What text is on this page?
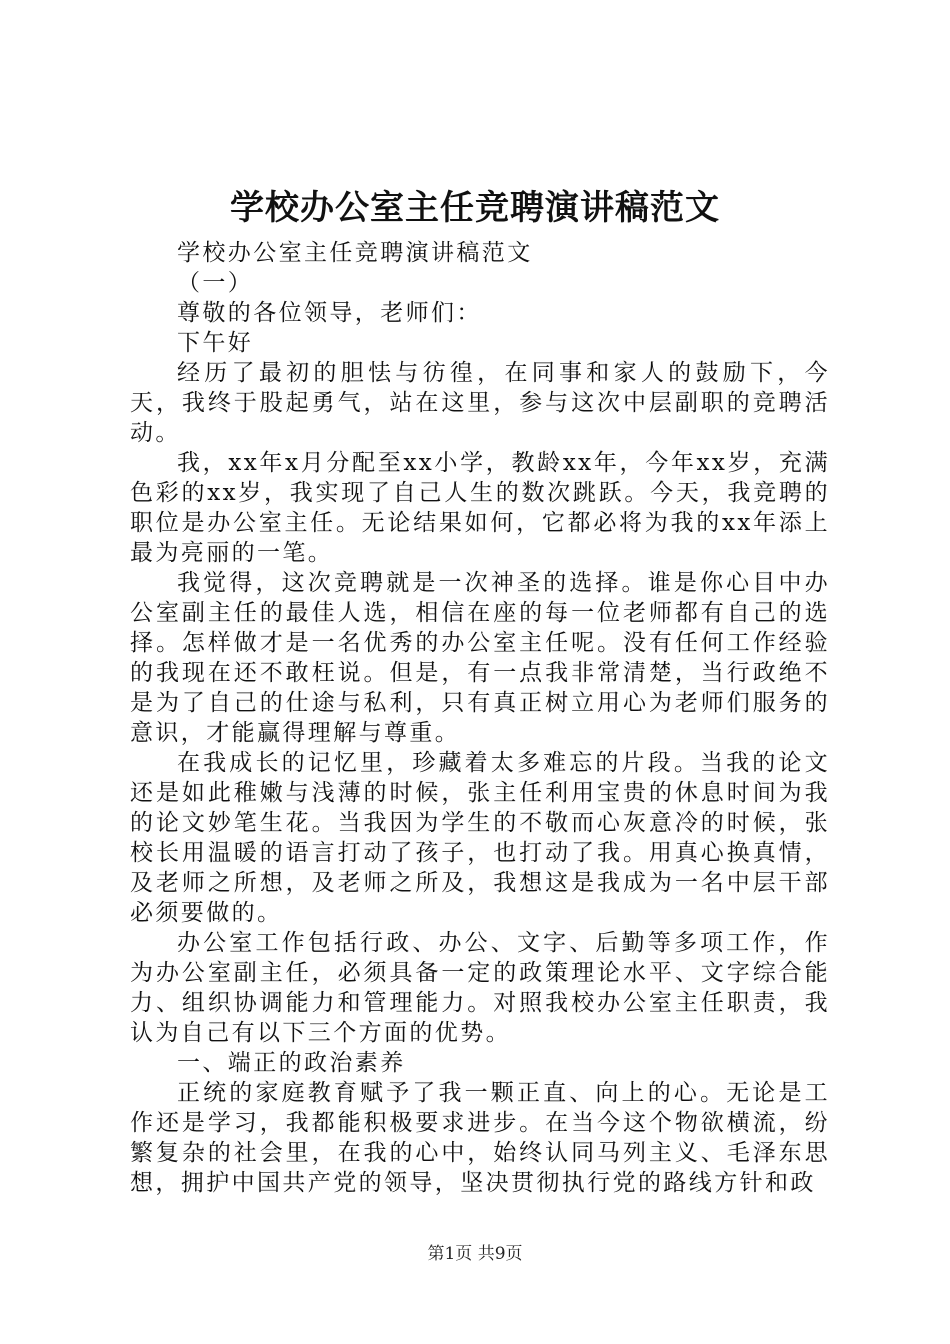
学校办公室主任竞聘演讲稿范文

学校办公室主任竞聘演讲稿范文

（一）

尊敬的各位领导，老师们：

下午好

经历了最初的胆怯与彷徨，在同事和家人的鼓励下，今天，我终于股起勇气，站在这里，参与这次中层副职的竞聘活动。

我，xx年x月分配至xx小学，教龄xx年，今年xx岁，充满色彩的xx岁，我实现了自己人生的数次跳跃。今天，我竞聘的职位是办公室主任。无论结果如何，它都必将为我的xx年添上最为亮丽的一笔。

我觉得，这次竞聘就是一次神圣的选择。谁是你心目中办公室副主任的最佳人选，相信在座的每一位老师都有自己的选择。怎样做才是一名优秀的办公室主任呢。没有任何工作经验的我现在还不敢枉说。但是，有一点我非常清楚，当行政绝不是为了自己的仕途与私利，只有真正树立用心为老师们服务的意识，才能赢得理解与尊重。

在我成长的记忆里，珍藏着太多难忘的片段。当我的论文还是如此稚嫩与浅薄的时候，张主任利用宝贵的休息时间为我的论文妙笔生花。当我因为学生的不敬而心灰意冷的时候，张校长用温暖的语言打动了孩子，也打动了我。用真心换真情，及老师之所想，及老师之所及，我想这是我成为一名中层干部必须要做的。

办公室工作包括行政、办公、文字、后勤等多项工作，作为办公室副主任，必须具备一定的政策理论水平、文字综合能力、组织协调能力和管理能力。对照我校办公室主任职责，我认为自己有以下三个方面的优势。

一、端正的政治素养

正统的家庭教育赋予了我一颗正直、向上的心。无论是工作还是学习，我都能积极要求进步。在当今这个物欲横流，纷繁复杂的社会里，在我的心中，始终认同马列主义、毛泽东思想，拥护中国共产党的领导，坚决贯彻执行党的路线方针和政

第1页 共9页
